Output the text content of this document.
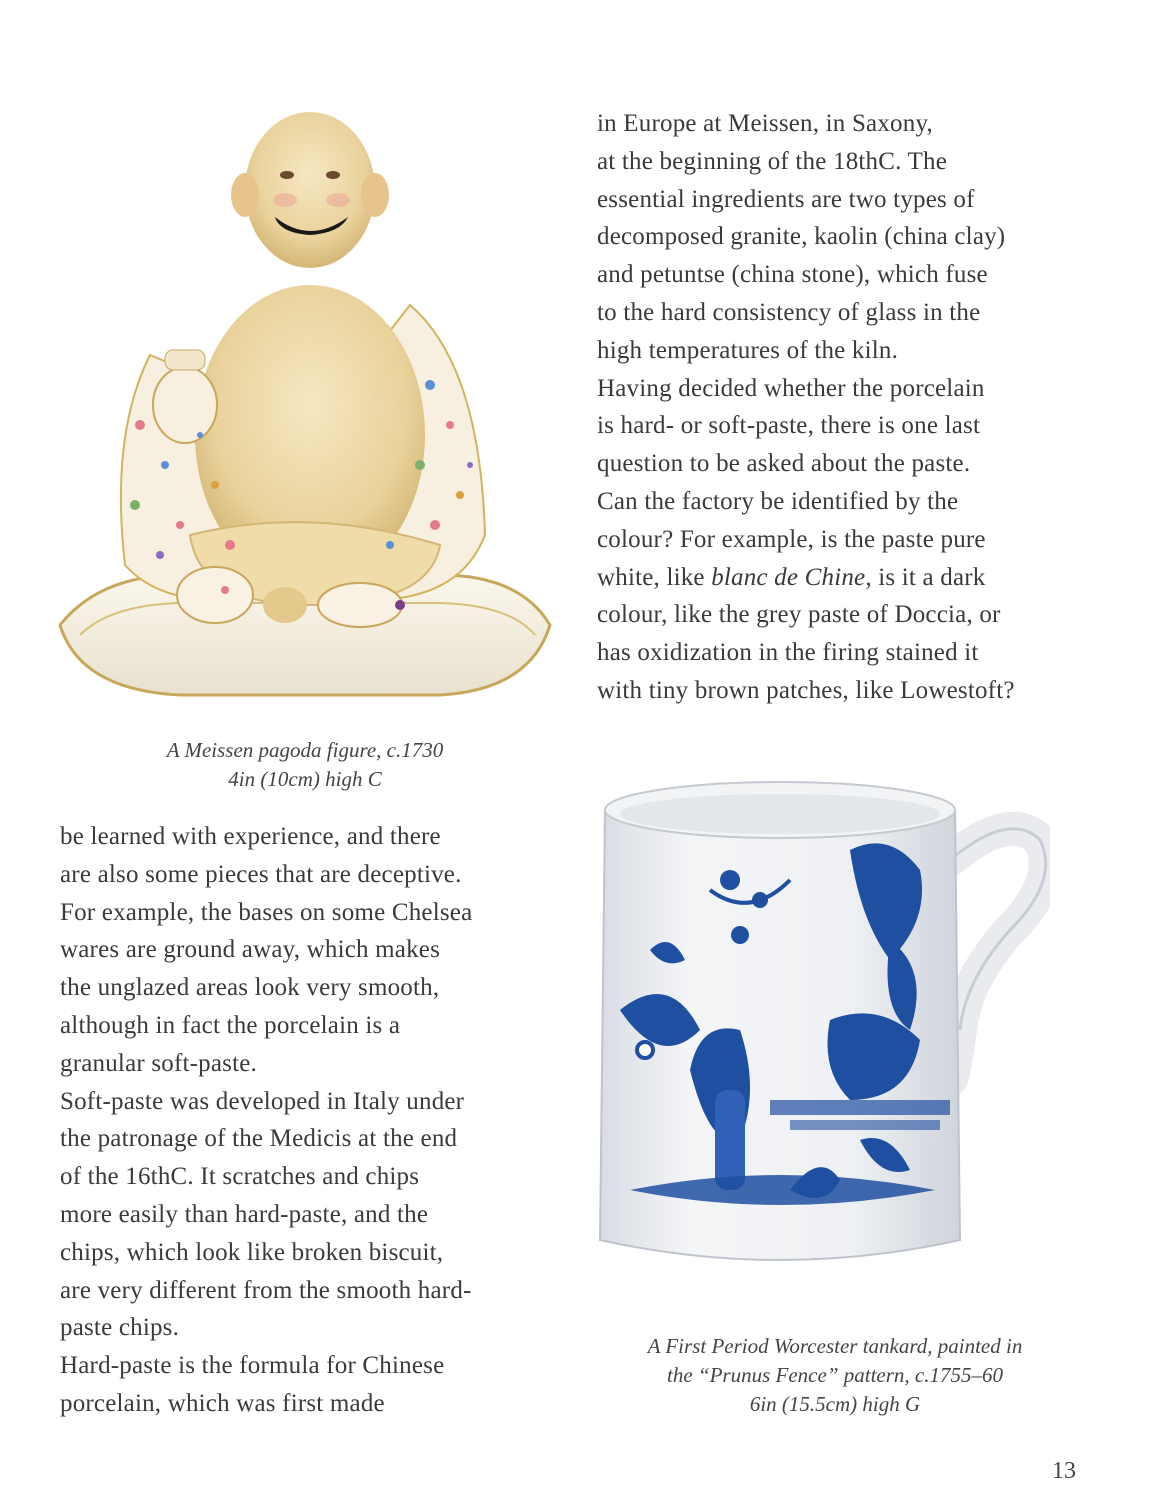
A Meissen pagoda figure, c.1730
4in (10cm) high C
in Europe at Meissen, in Saxony,
at the beginning of the 18thC. The
essential ingredients are two types of
decomposed granite, kaolin (china clay)
and petuntse (china stone), which fuse
to the hard consistency of glass in the
high temperatures of the kiln.
Having decided whether the porcelain
is hard- or soft-paste, there is one last
question to be asked about the paste.
Can the factory be identified by the
colour? For example, is the paste pure
white, like blanc de Chine, is it a dark
colour, like the grey paste of Doccia, or
has oxidization in the firing stained it
with tiny brown patches, like Lowestoft?
be learned with experience, and there
are also some pieces that are deceptive.
For example, the bases on some Chelsea
wares are ground away, which makes
the unglazed areas look very smooth,
although in fact the porcelain is a
granular soft-paste.
Soft-paste was developed in Italy under
the patronage of the Medicis at the end
of the 16thC. It scratches and chips
more easily than hard-paste, and the
chips, which look like broken biscuit,
are very different from the smooth hard-
paste chips.
Hard-paste is the formula for Chinese
porcelain, which was first made
A First Period Worcester tankard, painted in
the “Prunus Fence” pattern, c.1755–60
6in (15.5cm) high G
13
